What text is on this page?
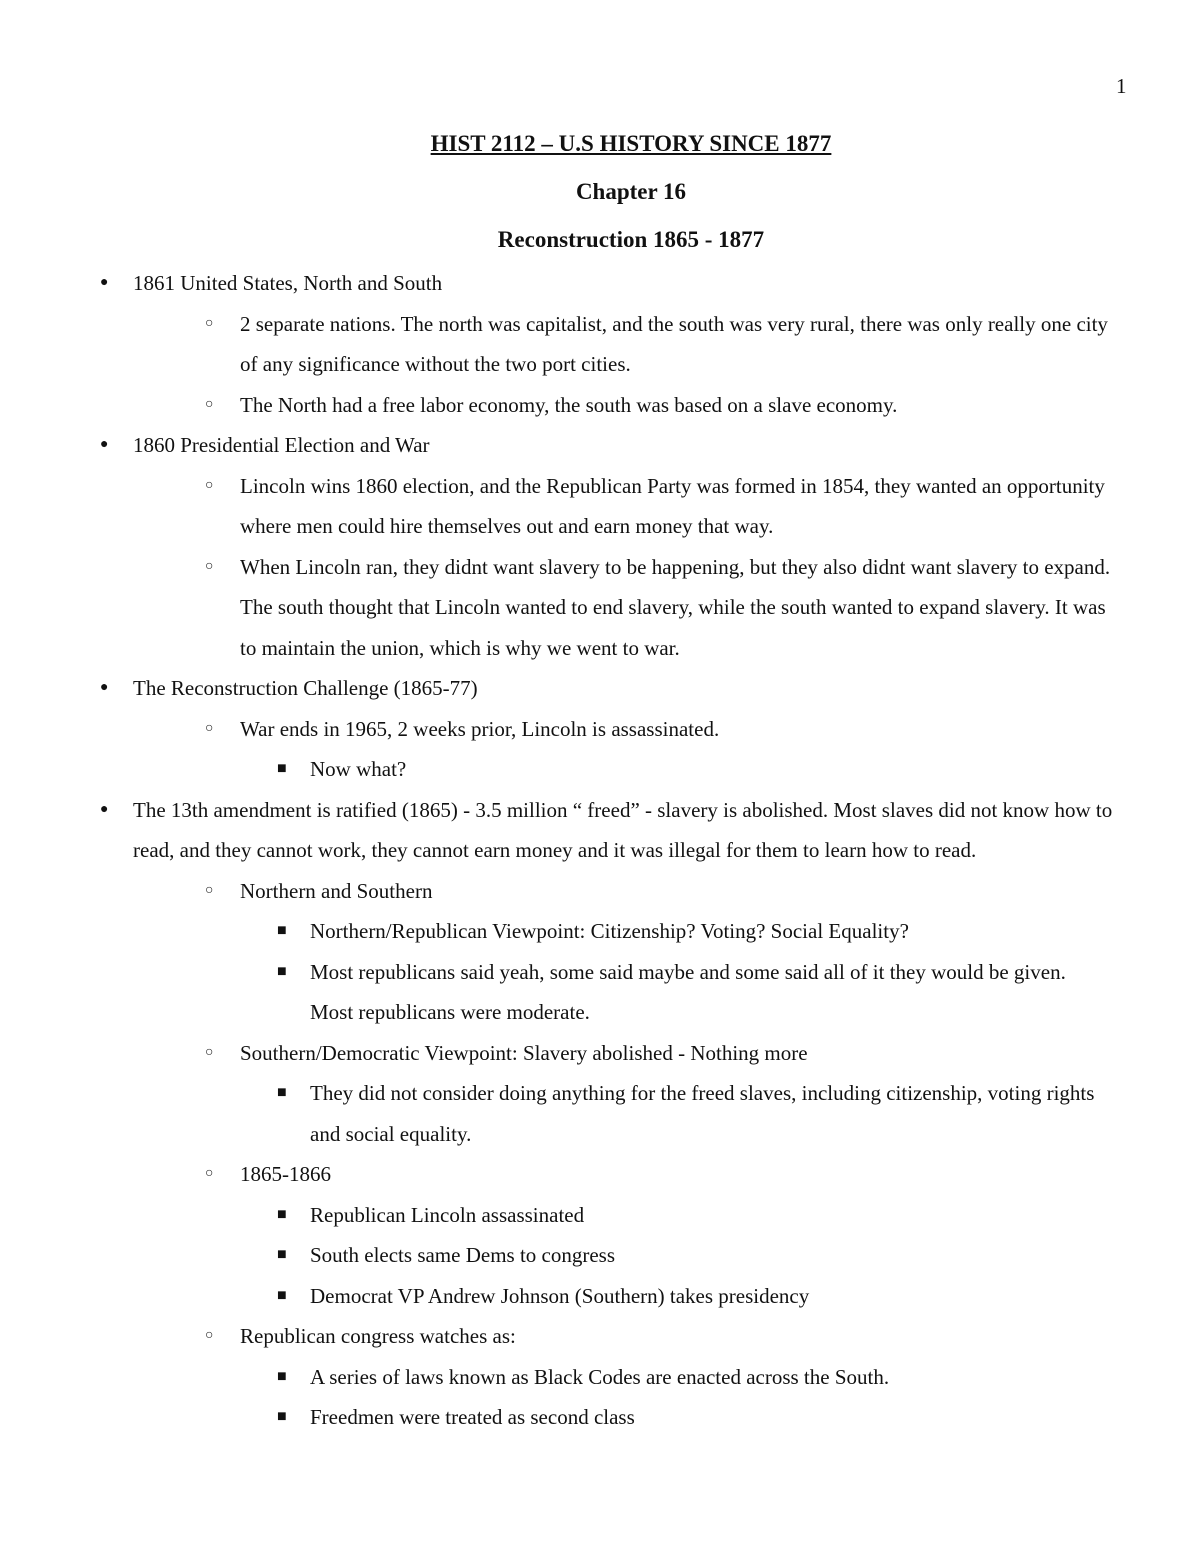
1
HIST 2112 – U.S HISTORY SINCE 1877
Chapter 16
Reconstruction 1865 - 1877
● 1861 United States, North and South
○ 2 separate nations. The north was capitalist, and the south was very rural, there was only really one city of any significance without the two port cities.
○ The North had a free labor economy, the south was based on a slave economy.
● 1860 Presidential Election and War
○ Lincoln wins 1860 election, and the Republican Party was formed in 1854, they wanted an opportunity where men could hire themselves out and earn money that way.
○ When Lincoln ran, they didnt want slavery to be happening, but they also didnt want slavery to expand. The south thought that Lincoln wanted to end slavery, while the south wanted to expand slavery. It was to maintain the union, which is why we went to war.
● The Reconstruction Challenge (1865-77)
○ War ends in 1965, 2 weeks prior, Lincoln is assassinated.
■ Now what?
● The 13th amendment is ratified (1865) - 3.5 million “ freed” - slavery is abolished. Most slaves did not know how to read, and they cannot work, they cannot earn money and it was illegal for them to learn how to read.
○ Northern and Southern
■ Northern/Republican Viewpoint: Citizenship? Voting? Social Equality?
■ Most republicans said yeah, some said maybe and some said all of it they would be given. Most republicans were moderate.
○ Southern/Democratic Viewpoint: Slavery abolished - Nothing more
■ They did not consider doing anything for the freed slaves, including citizenship, voting rights and social equality.
○ 1865-1866
■ Republican Lincoln assassinated
■ South elects same Dems to congress
■ Democrat VP Andrew Johnson (Southern) takes presidency
○ Republican congress watches as:
■ A series of laws known as Black Codes are enacted across the South.
■ Freedmen were treated as second class
